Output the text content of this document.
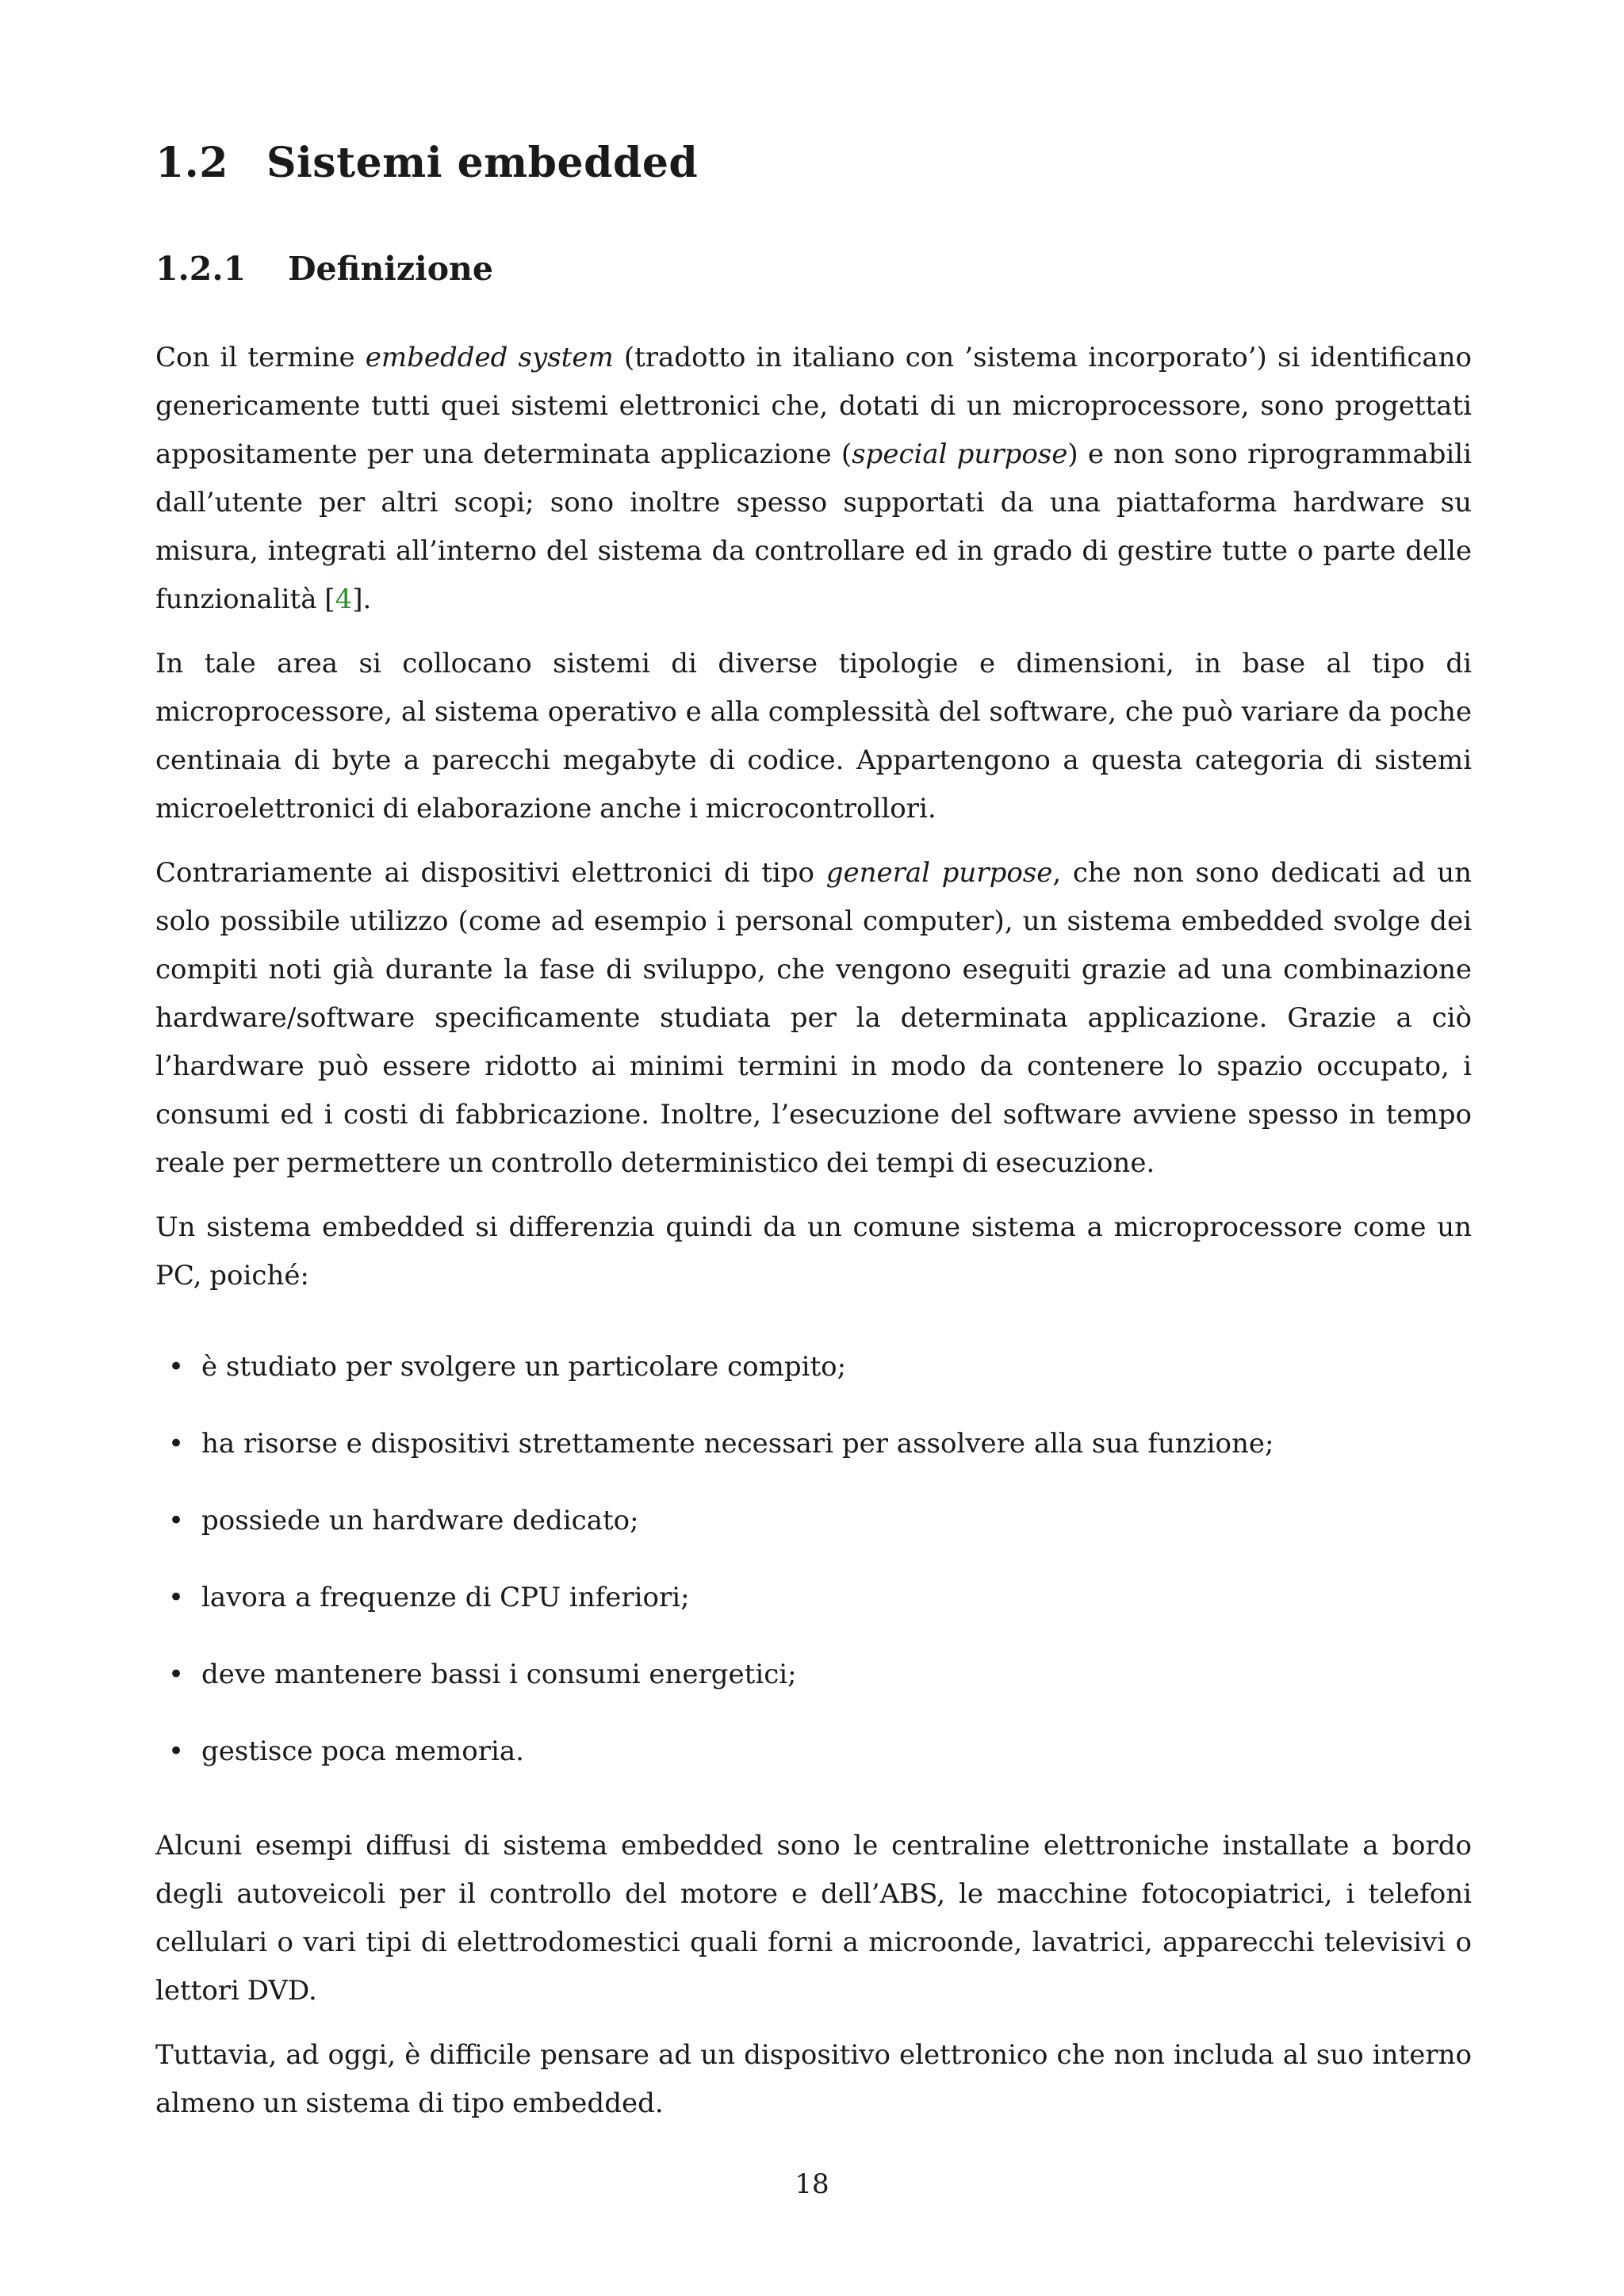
1.2 Sistemi embedded
1.2.1 Definizione

Con il termine embedded system (tradotto in italiano con ’sistema incorporato’) si identificano genericamente tutti quei sistemi elettronici che, dotati di un microprocessore, sono progettati appositamente per una determinata applicazione (special purpose) e non sono riprogrammabili dall’utente per altri scopi; sono inoltre spesso supportati da una piattaforma hardware su misura, integrati all’interno del sistema da controllare ed in grado di gestire tutte o parte delle funzionalità [4].

In tale area si collocano sistemi di diverse tipologie e dimensioni, in base al tipo di microprocessore, al sistema operativo e alla complessità del software, che può variare da poche centinaia di byte a parecchi megabyte di codice. Appartengono a questa categoria di sistemi microelettronici di elaborazione anche i microcontrollori.

Contrariamente ai dispositivi elettronici di tipo general purpose, che non sono dedicati ad un solo possibile utilizzo (come ad esempio i personal computer), un sistema embedded svolge dei compiti noti già durante la fase di sviluppo, che vengono eseguiti grazie ad una combinazione hardware/software specificamente studiata per la determinata applicazione. Grazie a ciò l’hardware può essere ridotto ai minimi termini in modo da contenere lo spazio occupato, i consumi ed i costi di fabbricazione. Inoltre, l’esecuzione del software avviene spesso in tempo reale per permettere un controllo deterministico dei tempi di esecuzione.

Un sistema embedded si differenzia quindi da un comune sistema a microprocessore come un PC, poiché:

• è studiato per svolgere un particolare compito;
• ha risorse e dispositivi strettamente necessari per assolvere alla sua funzione;
• possiede un hardware dedicato;
• lavora a frequenze di CPU inferiori;
• deve mantenere bassi i consumi energetici;
• gestisce poca memoria.

Alcuni esempi diffusi di sistema embedded sono le centraline elettroniche installate a bordo degli autoveicoli per il controllo del motore e dell’ABS, le macchine fotocopiatrici, i telefoni cellulari o vari tipi di elettrodomestici quali forni a microonde, lavatrici, apparecchi televisivi o lettori DVD.

Tuttavia, ad oggi, è difficile pensare ad un dispositivo elettronico che non includa al suo interno almeno un sistema di tipo embedded.

18
